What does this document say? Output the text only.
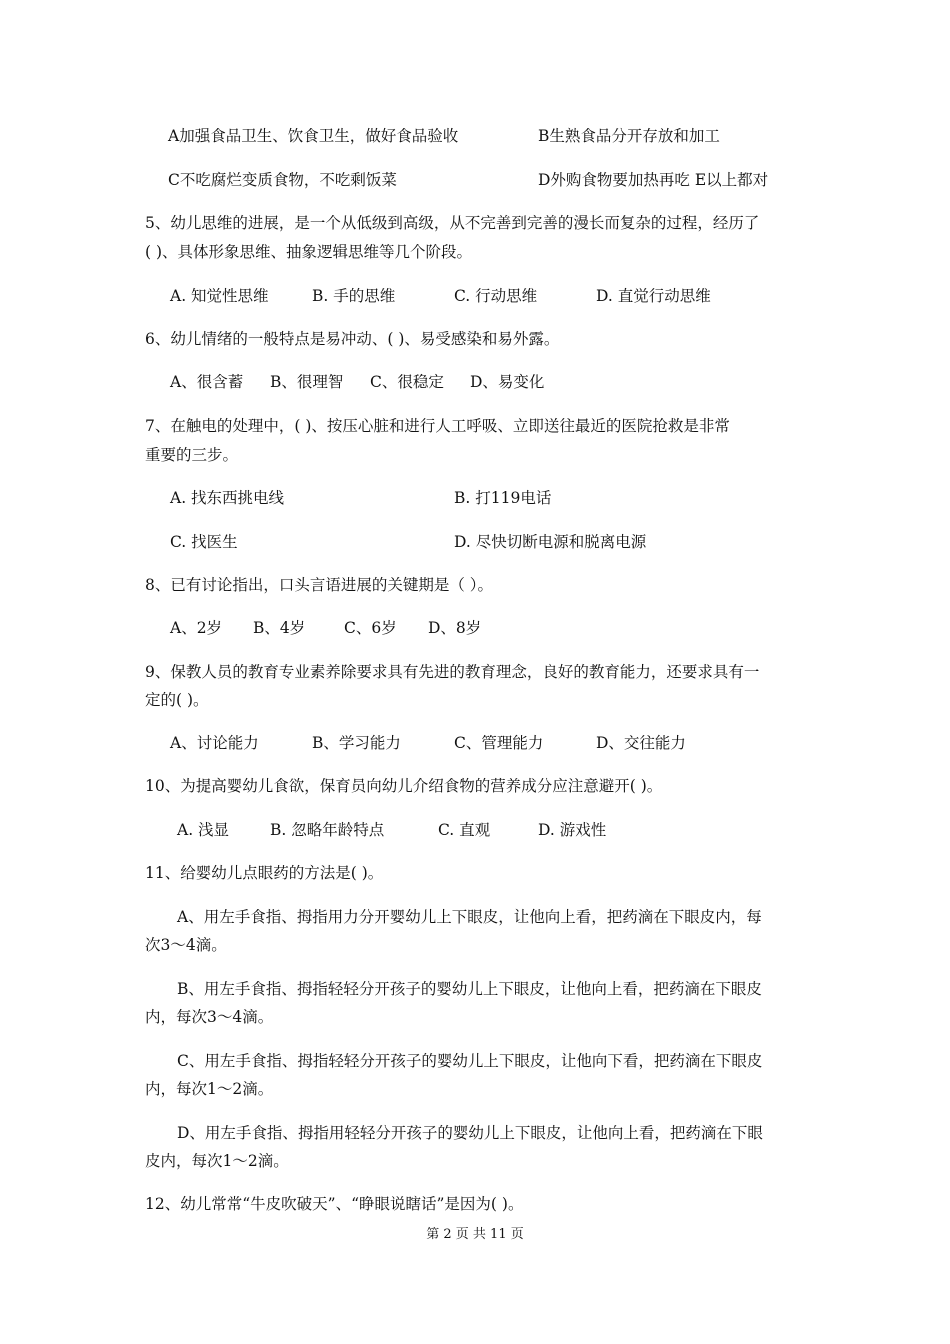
A加强食品卫生、饮食卫生，做好食品验收	B生熟食品分开存放和加工
C不吃腐烂变质食物，不吃剩饭菜	D外购食物要加热再吃 E以上都对
5、幼儿思维的进展，是一个从低级到高级，从不完善到完善的漫长而复杂的过程，经历了
( )、具体形象思维、抽象逻辑思维等几个阶段。
A. 知觉性思维	B. 手的思维	C. 行动思维	D. 直觉行动思维
6、幼儿情绪的一般特点是易冲动、( )、易受感染和易外露。
A、很含蓄 B、很理智 C、很稳定 D、易变化
7、在触电的处理中，( )、按压心脏和进行人工呼吸、立即送往最近的医院抢救是非常
重要的三步。
A. 找东西挑电线	B. 打119电话
C. 找医生	D. 尽快切断电源和脱离电源
8、已有讨论指出，口头言语进展的关键期是（ ）。
A、2岁 B、4岁 C、6岁 D、8岁
9、保教人员的教育专业素养除要求具有先进的教育理念，良好的教育能力，还要求具有一
定的( )。
A、讨论能力	B、学习能力	C、管理能力	D、交往能力
10、为提高婴幼儿食欲，保育员向幼儿介绍食物的营养成分应注意避开( )。
A. 浅显	B. 忽略年龄特点	C. 直观	D. 游戏性
11、给婴幼儿点眼药的方法是( )。
A、用左手食指、拇指用力分开婴幼儿上下眼皮，让他向上看，把药滴在下眼皮内，每
次3～4滴。
B、用左手食指、拇指轻轻分开孩子的婴幼儿上下眼皮，让他向上看，把药滴在下眼皮
内，每次3～4滴。
C、用左手食指、拇指轻轻分开孩子的婴幼儿上下眼皮，让他向下看，把药滴在下眼皮
内，每次1～2滴。
D、用左手食指、拇指用轻轻分开孩子的婴幼儿上下眼皮，让他向上看，把药滴在下眼
皮内，每次1～2滴。
12、幼儿常常“牛皮吹破天”、“睁眼说瞎话”是因为( )。
第 2 页 共 11 页
